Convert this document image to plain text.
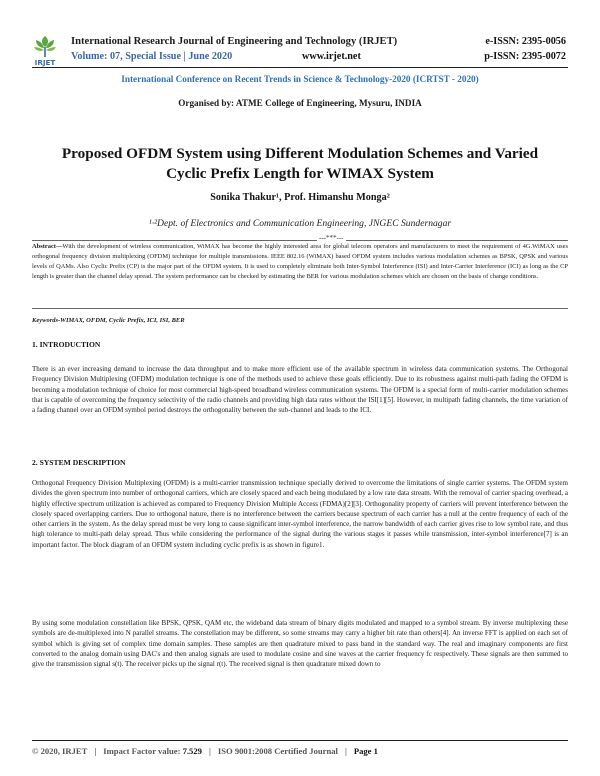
IRJET
International Research Journal of Engineering and Technology (IRJET)
Volume: 07, Special Issue | June 2020	www.irjet.net
e-ISSN: 2395-0056
p-ISSN: 2395-0072
International Conference on Recent Trends in Science & Technology-2020 (ICRTST - 2020)
Organised by: ATME College of Engineering, Mysuru, INDIA
Proposed OFDM System using Different Modulation Schemes and Varied Cyclic Prefix Length for WIMAX System
Sonika Thakur¹, Prof. Himanshu Monga²
¹·²Dept. of Electronics and Communication Engineering, JNGEC Sundernagar
---***---
Abstract—With the development of wireless communication, WiMAX has become the highly interested area for global telecom operators and manufacturers to meet the requirement of 4G.WiMAX uses orthogonal frequency division multiplexing (OFDM) technique for multiple transmissions. IEEE 802.16 (WiMAX) based OFDM system includes various modulation schemes as BPSK, QPSK and various levels of QAMs. Also Cyclic Prefix (CP) is the major part of the OFDM system. It is used to completely eliminate both Inter-Symbol Interference (ISI) and Inter-Carrier Interference (ICI) as long as the CP length is greater than the channel delay spread. The system performance can be checked by estimating the BER for various modulation schemes which are chosen on the basis of change conditions.
Keywords-WIMAX, OFDM, Cyclic Prefix, ICI, ISI, BER
1. INTRODUCTION
There is an ever increasing demand to increase the data throughput and to make more efficient use of the available spectrum in wireless data communication systems. The Orthogonal Frequency Division Multiplexing (OFDM) modulation technique is one of the methods used to achieve these goals efficiently. Due to its robustness against multi-path fading the OFDM is becoming a modulation technique of choice for most commercial high-speed broadband wireless communication systems. The OFDM is a special form of multi-carrier modulation schemes that is capable of overcoming the frequency selectivity of the radio channels and providing high data rates without the ISI[1][5]. However, in multipath fading channels, the time variation of a fading channel over an OFDM symbol period destroys the orthogonality between the sub-channel and leads to the ICI.
2. SYSTEM DESCRIPTION
Orthogonal Frequency Division Multiplexing (OFDM) is a multi-carrier transmission technique specially derived to overcome the limitations of single carrier systems. The OFDM system divides the given spectrum into number of orthogonal carriers, which are closely spaced and each being modulated by a low rate data stream. With the removal of carrier spacing overhead, a highly effective spectrum utilization is achieved as compared to Frequency Division Multiple Access (FDMA)[2][3]. Orthogonality property of carriers will prevent interference between the closely spaced overlapping carriers. Due to orthogonal nature, there is no interference between the carriers because spectrum of each carrier has a null at the centre frequency of each of the other carriers in the system. As the delay spread must be very long to cause significant inter-symbol interference, the narrow bandwidth of each carrier gives rise to low symbol rate, and thus high tolerance to multi-path delay spread. Thus while considering the performance of the signal during the various stages it passes while transmission, inter-symbol interference[7] is an important factor. The block diagram of an OFDM system including cyclic prefix is as shown in figure1.
By using some modulation constellation like BPSK, QPSK, QAM etc, the wideband data stream of binary digits modulated and mapped to a symbol stream. By inverse multiplexing these symbols are de-multiplexed into N parallel streams. The constellation may be different, so some streams may carry a higher bit rate than others[4]. An inverse FFT is applied on each set of symbol which is giving set of complex time domain samples. These samples are then quadrature mixed to pass band in the standard way. The real and imaginary components are first converted to the analog domain using DAC's and then analog signals are used to modulate cosine and sine waves at the carrier frequency fc respectively. These signals are then summed to give the transmission signal s(t). The receiver picks up the signal r(t). The received signal is then quadrature mixed down to
© 2020, IRJET | Impact Factor value: 7.529 | ISO 9001:2008 Certified Journal | Page 1
